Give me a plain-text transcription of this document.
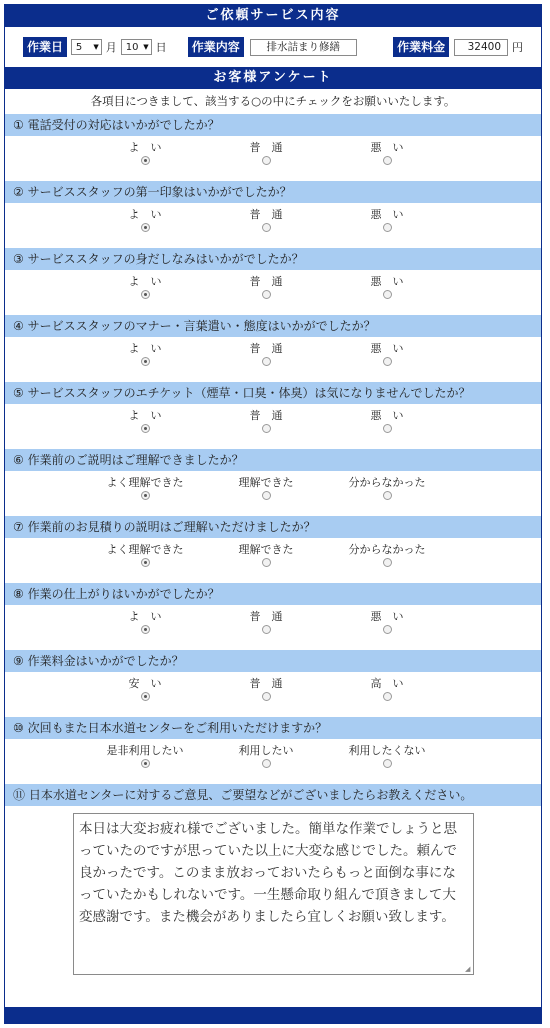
ご依頼サービス内容
作業日	5 ▼ 月 10 ▼ 日	作業内容	排水詰まり修繕	作業料金	32400	円
お客様アンケート
各項目につきまして、該当する○の中にチェックをお願いいたします。
① 電話受付の対応はいかがでしたか？
よ　い	普　通	悪　い
② サービススタッフの第一印象はいかがでしたか？
よ　い	普　通	悪　い
③ サービススタッフの身だしなみはいかがでしたか？
よ　い	普　通	悪　い
④ サービススタッフのマナー・言葉遣い・態度はいかがでしたか？
よ　い	普　通	悪　い
⑤ サービススタッフのエチケット（煙草・口臭・体臭）は気になりませんでしたか？
よ　い	普　通	悪　い
⑥ 作業前のご説明はご理解できましたか？
よく理解できた	理解できた	分からなかった
⑦ 作業前のお見積りの説明はご理解いただけましたか？
よく理解できた	理解できた	分からなかった
⑧ 作業の仕上がりはいかがでしたか？
よ　い	普　通	悪　い
⑨ 作業料金はいかがでしたか？
安　い	普　通	高　い
⑩ 次回もまた日本水道センターをご利用いただけますか？
是非利用したい	利用したい	利用したくない
⑪ 日本水道センターに対するご意見、ご要望などがございましたらお教えください。
本日は大変お疲れ様でございました。簡単な作業でしょうと思っていたのですが思っていた以上に大変な感じでした。頼んで良かったです。このまま放おっておいたらもっと面倒な事になっていたかもしれないです。一生懸命取り組んで頂きまして大変感謝です。また機会がありましたら宜しくお願い致します。
◢
